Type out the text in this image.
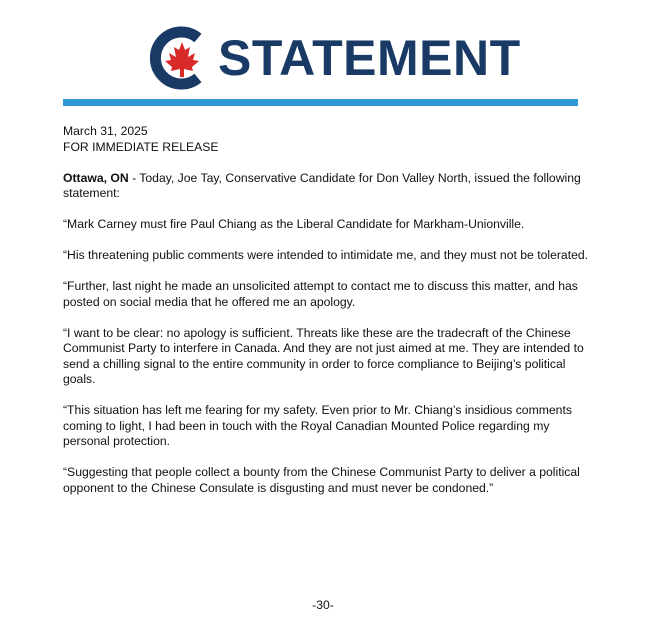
STATEMENT

March 31, 2025

FOR IMMEDIATE RELEASE

Ottawa, ON - Today, Joe Tay, Conservative Candidate for Don Valley North, issued the following statement:

“Mark Carney must fire Paul Chiang as the Liberal Candidate for Markham-Unionville.

“His threatening public comments were intended to intimidate me, and they must not be tolerated.

“Further, last night he made an unsolicited attempt to contact me to discuss this matter, and has posted on social media that he offered me an apology.

“I want to be clear: no apology is sufficient. Threats like these are the tradecraft of the Chinese Communist Party to interfere in Canada. And they are not just aimed at me. They are intended to send a chilling signal to the entire community in order to force compliance to Beijing’s political goals.

“This situation has left me fearing for my safety. Even prior to Mr. Chiang’s insidious comments coming to light, I had been in touch with the Royal Canadian Mounted Police regarding my personal protection.

“Suggesting that people collect a bounty from the Chinese Communist Party to deliver a political opponent to the Chinese Consulate is disgusting and must never be condoned.”

-30-
